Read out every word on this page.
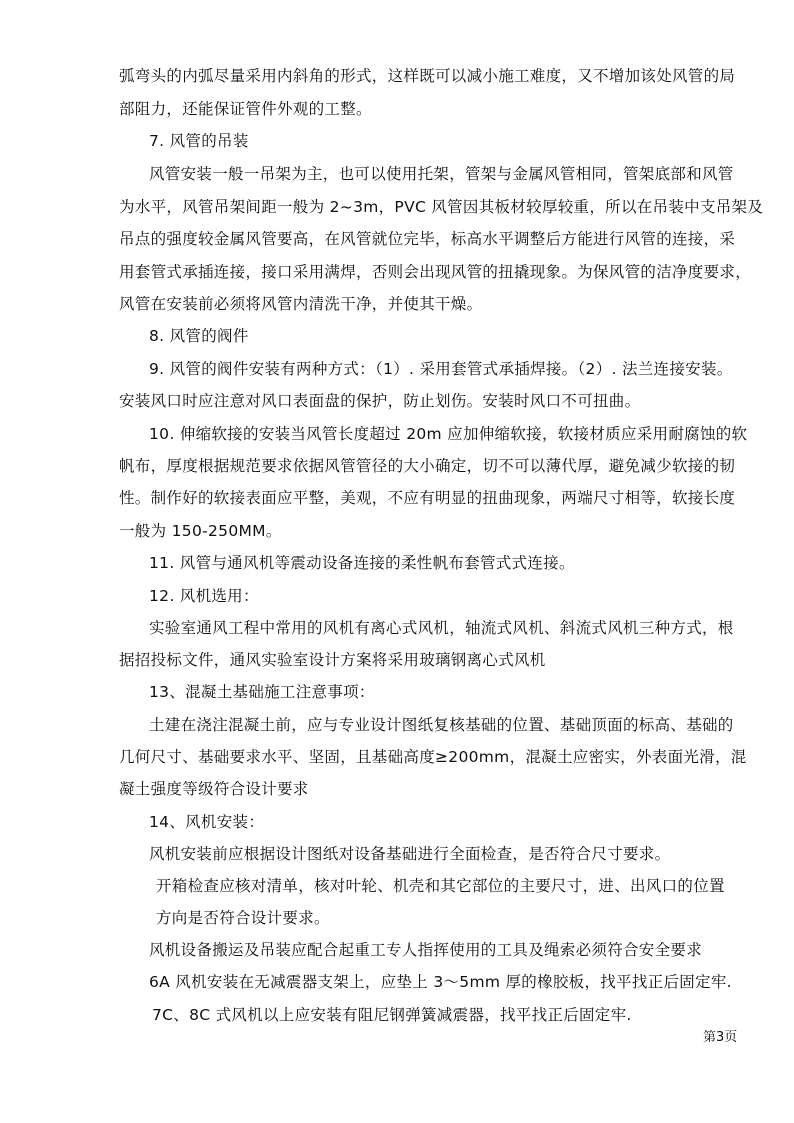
弧弯头的内弧尽量采用内斜角的形式，这样既可以减小施工难度，又不增加该处风管的局
部阻力，还能保证管件外观的工整。
7. 风管的吊装
风管安装一般一吊架为主，也可以使用托架，管架与金属风管相同，管架底部和风管
为水平，风管吊架间距一般为 2~3m，PVC 风管因其板材较厚较重，所以在吊装中支吊架及
吊点的强度较金属风管要高，在风管就位完毕，标高水平调整后方能进行风管的连接，采
用套管式承插连接，接口采用满焊，否则会出现风管的扭撬现象。为保风管的洁净度要求，
风管在安装前必须将风管内清洗干净，并使其干燥。
8. 风管的阀件
9. 风管的阀件安装有两种方式：（1）. 采用套管式承插焊接。（2）. 法兰连接安装。
安装风口时应注意对风口表面盘的保护，防止划伤。安装时风口不可扭曲。
10. 伸缩软接的安装当风管长度超过 20m 应加伸缩软接，软接材质应采用耐腐蚀的软
帆布，厚度根据规范要求依据风管管径的大小确定，切不可以薄代厚，避免减少软接的韧
性。制作好的软接表面应平整，美观，不应有明显的扭曲现象，两端尺寸相等，软接长度
一般为 150-250MM。
11. 风管与通风机等震动设备连接的柔性帆布套管式式连接。
12. 风机选用：
实验室通风工程中常用的风机有离心式风机，轴流式风机、斜流式风机三种方式，根
据招投标文件，通风实验室设计方案将采用玻璃钢离心式风机
13、混凝土基础施工注意事项：
土建在浇注混凝土前，应与专业设计图纸复核基础的位置、基础顶面的标高、基础的
几何尺寸、基础要求水平、坚固，且基础高度≥200mm，混凝土应密实，外表面光滑，混
凝土强度等级符合设计要求
14、风机安装：
风机安装前应根据设计图纸对设备基础进行全面检查，是否符合尺寸要求。
开箱检查应核对清单，核对叶轮、机壳和其它部位的主要尺寸，进、出风口的位置
方向是否符合设计要求。
风机设备搬运及吊装应配合起重工专人指挥使用的工具及绳索必须符合安全要求
6A 风机安装在无减震器支架上，应垫上 3～5mm 厚的橡胶板，找平找正后固定牢.
7C、8C 式风机以上应安装有阻尼钢弹簧减震器，找平找正后固定牢.
第3页
